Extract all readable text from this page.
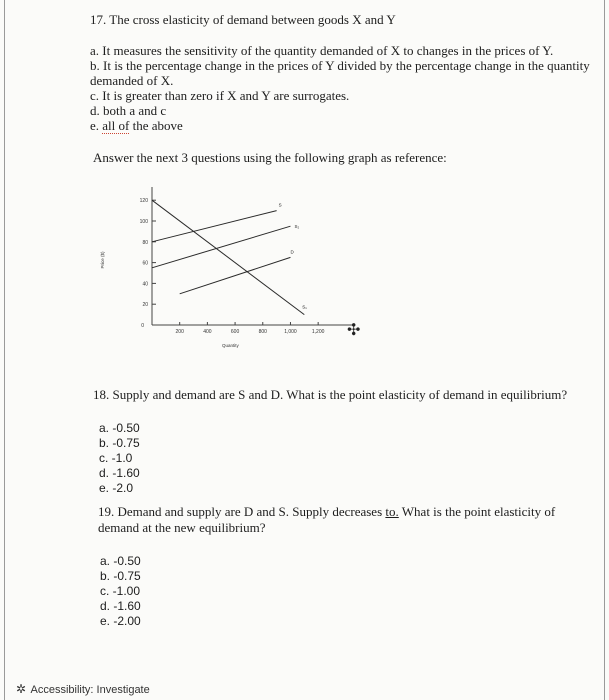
17. The cross elasticity of demand between goods X and Y

a. It measures the sensitivity of the quantity demanded of X to changes in the prices of Y.

b. It is the percentage change in the prices of Y divided by the percentage change in the quantity demanded of X.

c. It is greater than zero if X and Y are surrogates.

d. both a and c

e. all of the above

Answer the next 3 questions using the following graph as reference:
120
100
80
60
40
20
0
200	400	600	800	1,000	1,200
Quantity
Price ($)
S₁
S
S₂
D
✣
18. Supply and demand are S and D. What is the point elasticity of demand in equilibrium?
a. -0.50
b. -0.75
c. -1.0
d. -1.60
e. -2.0
19. Demand and supply are D and S. Supply decreases to. What is the point elasticity of demand at the new equilibrium?
a. -0.50
b. -0.75
c. -1.00
d. -1.60
e. -2.00
✲ Accessibility: Investigate
